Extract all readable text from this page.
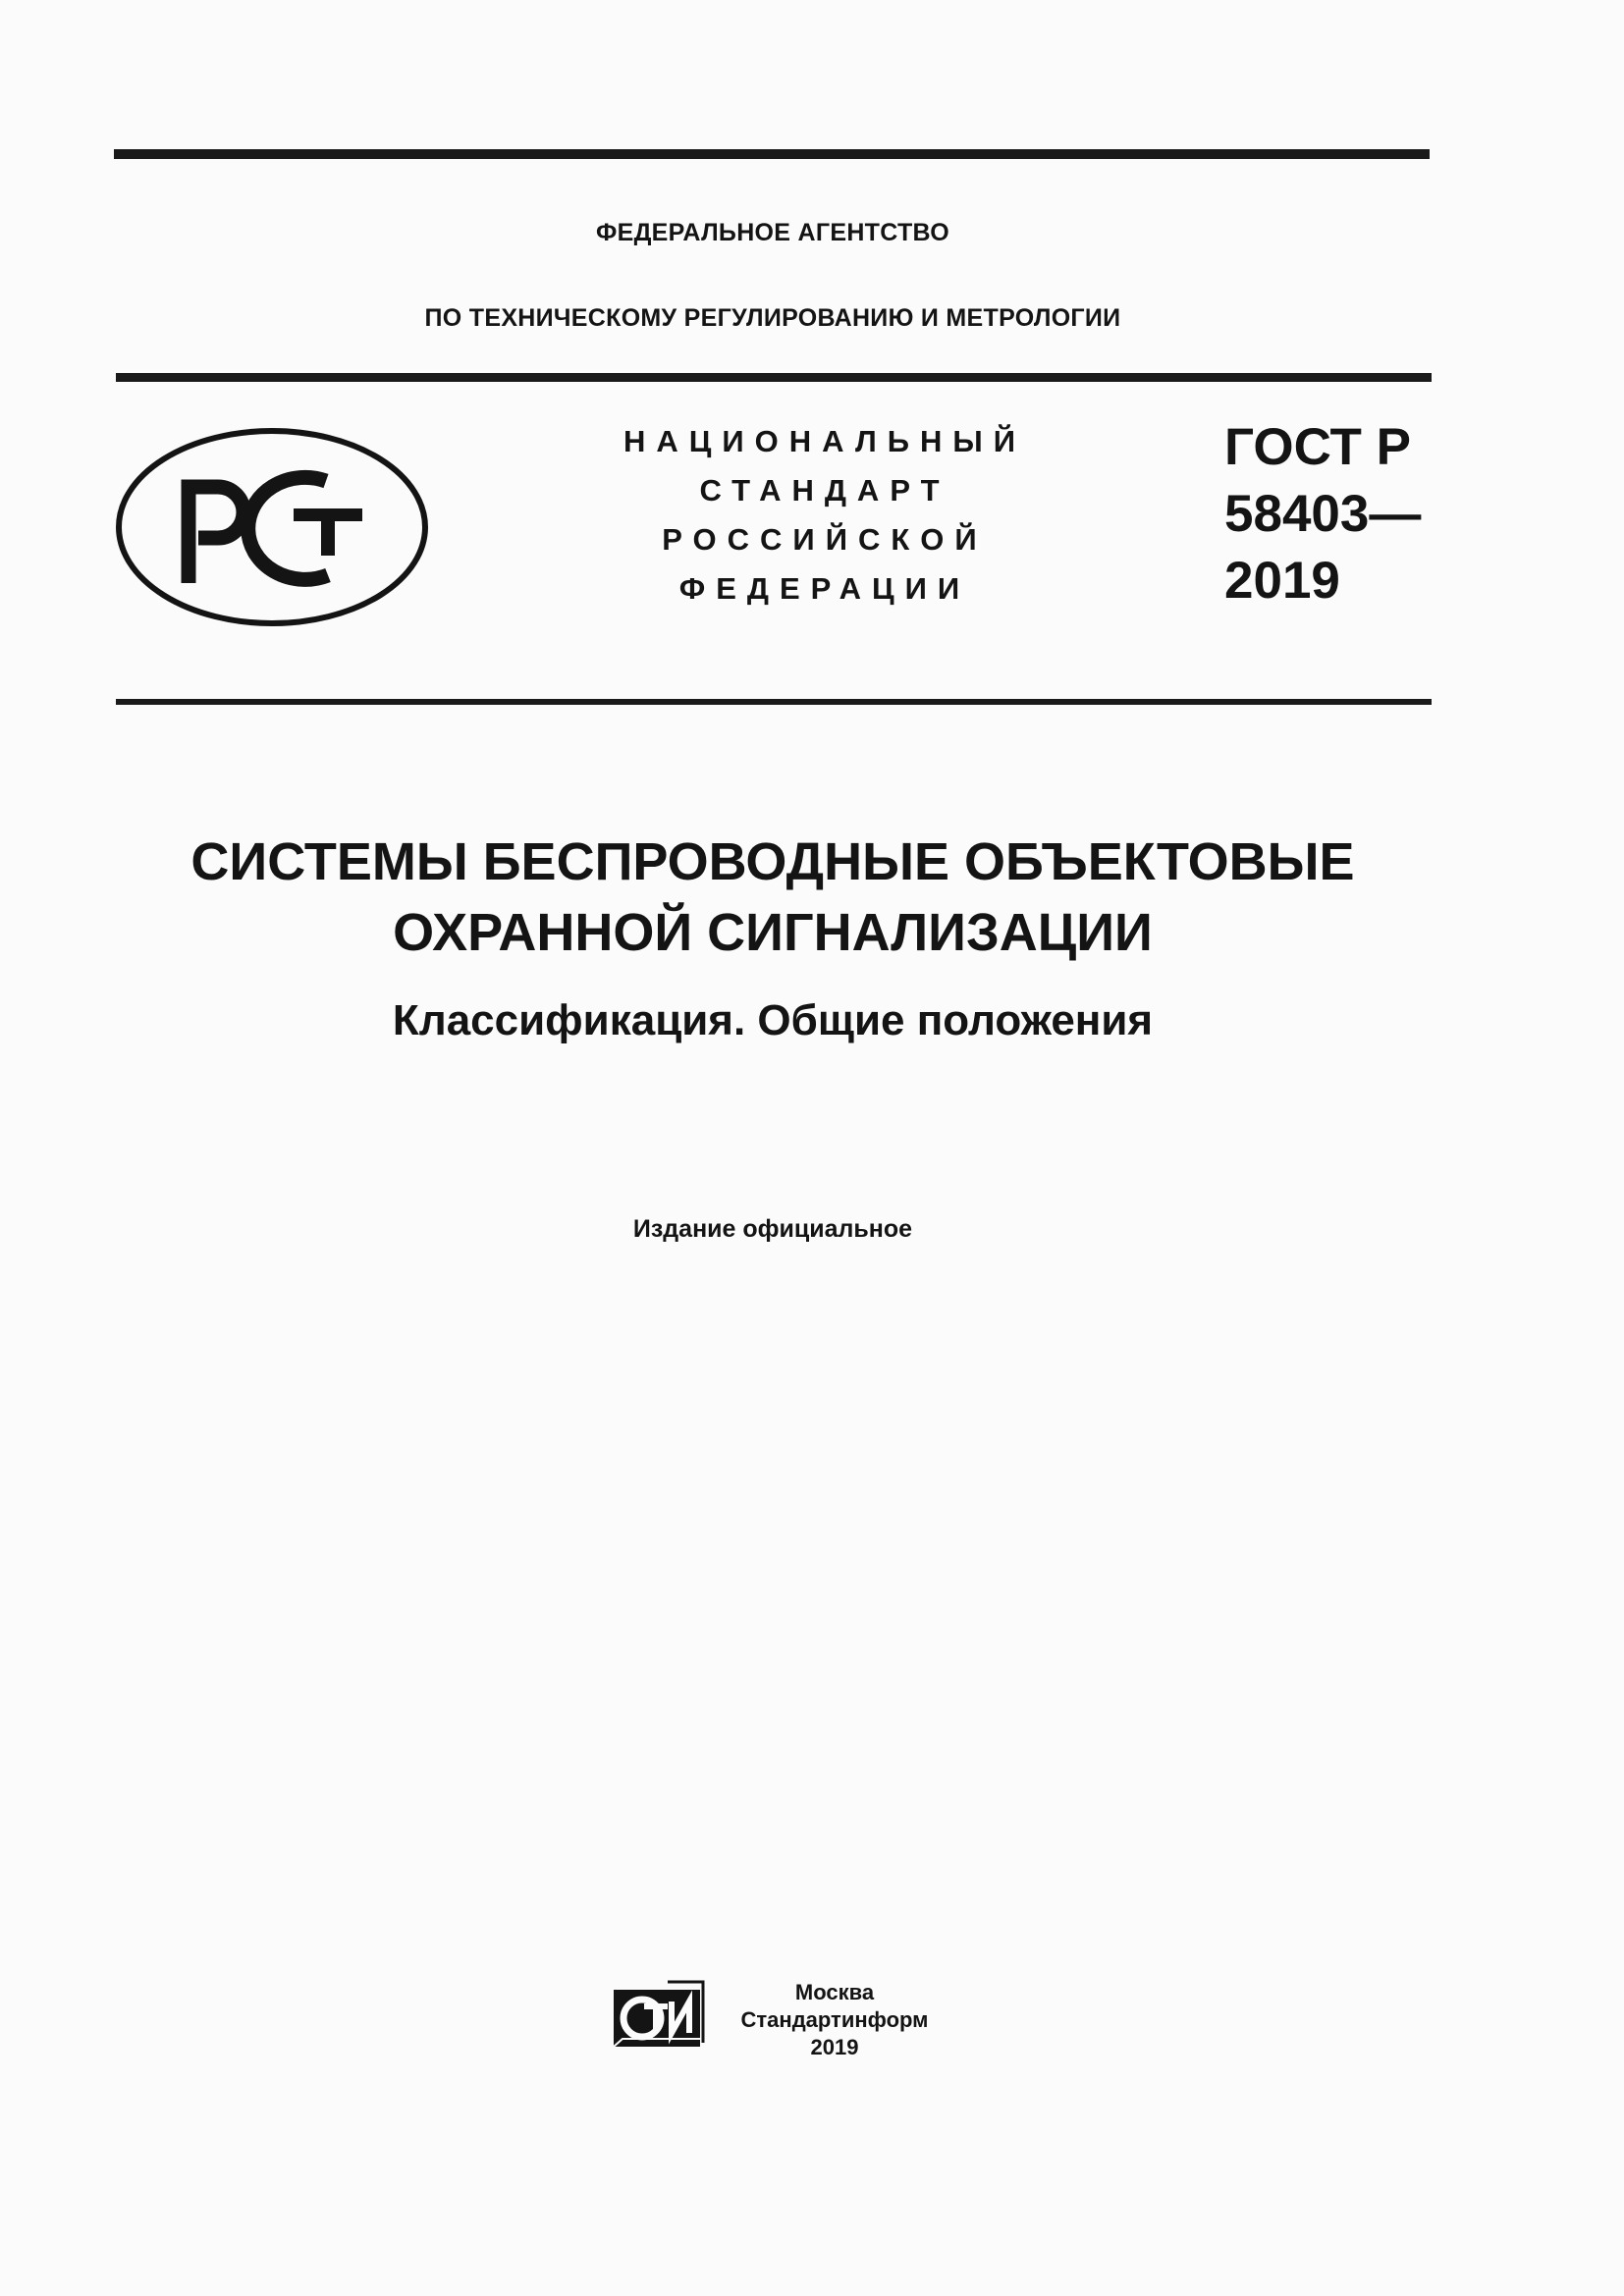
ФЕДЕРАЛЬНОЕ АГЕНТСТВО
ПО ТЕХНИЧЕСКОМУ РЕГУЛИРОВАНИЮ И МЕТРОЛОГИИ
НАЦИОНАЛЬНЫЙ
СТАНДАРТ
РОССИЙСКОЙ
ФЕДЕРАЦИИ
ГОСТ Р
58403—
2019
СИСТЕМЫ БЕСПРОВОДНЫЕ ОБЪЕКТОВЫЕ
ОХРАННОЙ СИГНАЛИЗАЦИИ
Классификация. Общие положения
Издание официальное
Москва
Стандартинформ
2019
